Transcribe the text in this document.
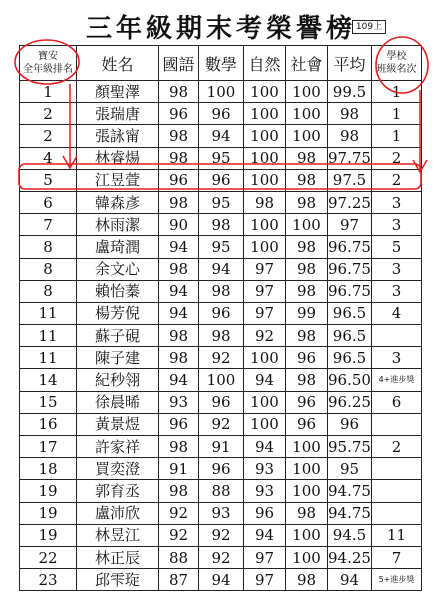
三年級期末考榮譽榜 109上
寶安
全年級排名	姓名	國語	數學	自然	社會	平均	學校
班級名次
1	顏聖澤	98	100	100	100	99.5	1
2	張瑞唐	96	96	100	100	98	1
2	張詠甯	98	94	100	100	98	1
4	林睿煬	98	95	100	98	97.75	2
5	江昱萱	96	96	100	98	97.5	2
6	韓森彥	98	95	98	98	97.25	3
7	林雨潔	90	98	100	100	97	3
8	盧琦潤	94	95	100	98	96.75	5
8	余文心	98	94	97	98	96.75	3
8	賴怡蓁	94	98	97	98	96.75	3
11	楊芳倪	94	96	97	99	96.5	4
11	蘇子硯	98	98	92	98	96.5	
11	陳子建	98	92	100	96	96.5	3
14	紀秒翎	94	100	94	98	96.50	4+進步獎
15	徐晨晞	93	96	100	96	96.25	6
16	黃景煜	96	92	100	96	96	
17	許家祥	98	91	94	100	95.75	2
18	買奕澄	91	96	93	100	95	
19	郭育丞	98	88	93	100	94.75	
19	盧沛欣	92	93	96	98	94.75	
19	林昱江	92	92	94	100	94.5	11
22	林正辰	88	92	97	100	94.25	7
23	邱雫琁	87	94	97	98	94	5+進步獎
